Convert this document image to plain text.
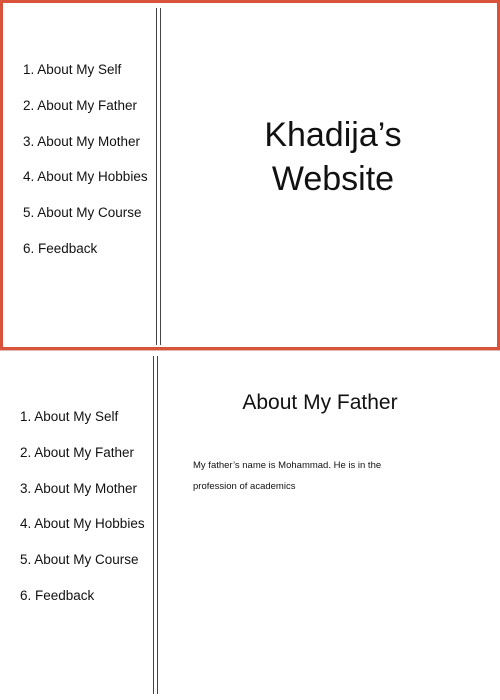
1. About My Self
2. About My Father
3. About My Mother
4. About My Hobbies
5. About My Course
6. Feedback
Khadija’s
Website
1. About My Self
2. About My Father
3. About My Mother
4. About My Hobbies
5. About My Course
6. Feedback
About My Father

My father’s name is Mohammad. He is in the profession of academics
